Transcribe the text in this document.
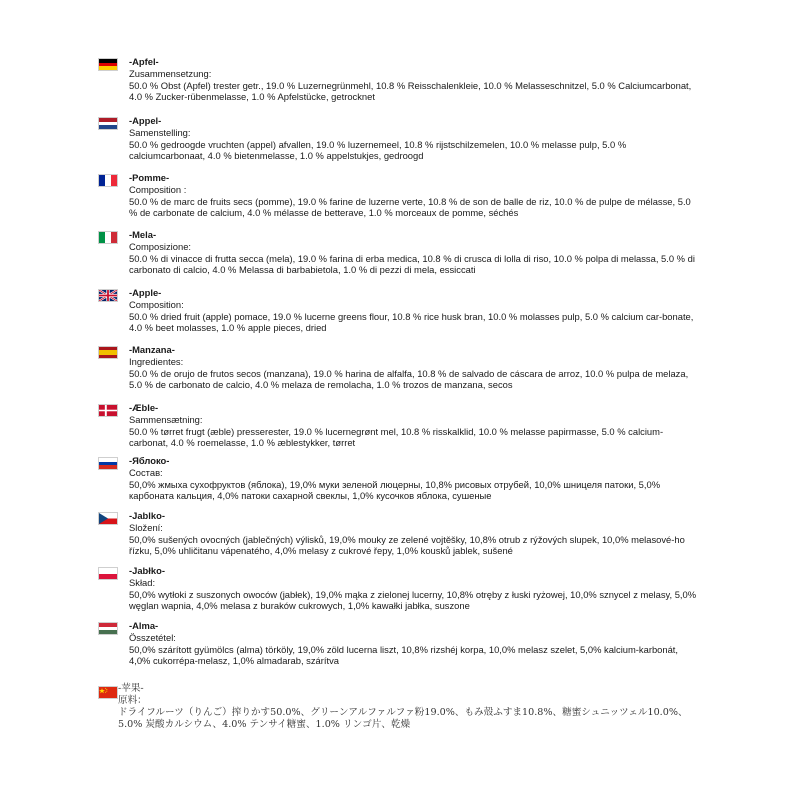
-Apfel-
Zusammensetzung:
50.0 % Obst (Apfel) trester getr., 19.0 % Luzernegrünmehl, 10.8 % Reisschalenkleie, 10.0 % Melasseschnitzel, 5.0 % Calciumcarbonat, 4.0 % Zucker-rübenmelasse, 1.0 % Apfelstücke, getrocknet
-Appel-
Samenstelling:
50.0 % gedroogde vruchten (appel) afvallen, 19.0 % luzernemeel, 10.8 % rijstschilzemelen, 10.0 % melasse pulp, 5.0 % calciumcarbonaat, 4.0 % bietenmelasse, 1.0 % appelstukjes, gedroogd
-Pomme-
Composition :
50.0 % de marc de fruits secs (pomme), 19.0 % farine de luzerne verte, 10.8 % de son de balle de riz, 10.0 % de pulpe de mélasse, 5.0 % de carbonate de calcium, 4.0 % mélasse de betterave, 1.0 % morceaux de pomme, séchés
-Mela-
Composizione:
50.0 % di vinacce di frutta secca (mela), 19.0 % farina di erba medica, 10.8 % di crusca di lolla di riso, 10.0 % polpa di melassa, 5.0 % di carbonato di calcio, 4.0 % Melassa di barbabietola, 1.0 % di pezzi di mela, essiccati
-Apple-
Composition:
50.0 % dried fruit (apple) pomace, 19.0 % lucerne greens flour, 10.8 % rice husk bran, 10.0 % molasses pulp, 5.0 % calcium car-bonate, 4.0 % beet molasses, 1.0 % apple pieces, dried
-Manzana-
Ingredientes:
50.0 % de orujo de frutos secos (manzana), 19.0 % harina de alfalfa, 10.8 % de salvado de cáscara de arroz, 10.0 % pulpa de melaza, 5.0 % de carbonato de calcio, 4.0 % melaza de remolacha, 1.0 % trozos de manzana, secos
-Æble-
Sammensætning:
50.0 % tørret frugt (æble) presserester, 19.0 % lucernegrønt mel, 10.8 % risskalklid, 10.0 % melasse papirmasse, 5.0 % calcium-carbonat, 4.0 % roemelasse, 1.0 % æblestykker, tørret
-Яблоко-
Состав:
50,0% жмыха сухофруктов (яблока), 19,0% муки зеленой люцерны, 10,8% рисовых отрубей, 10,0% шницеля патоки, 5,0% карбоната кальция, 4,0% патоки сахарной свеклы, 1,0% кусочков яблока, сушеные
-Jablko-
Složení:
50,0% sušených ovocných (jablečných) výlisků, 19,0% mouky ze zelené vojtěšky, 10,8% otrub z rýžových slupek, 10,0% melasové-ho řízku, 5,0% uhličitanu vápenatého, 4,0% melasy z cukrové řepy, 1,0% kousků jablek, sušené
-Jabłko-
Skład:
50,0% wytłoki z suszonych owoców (jabłek), 19,0% mąka z zielonej lucerny, 10,8% otręby z łuski ryżowej, 10,0% sznycel z melasy, 5,0% węglan wapnia, 4,0% melasa z buraków cukrowych, 1,0% kawałki jabłka, suszone
-Alma-
Összetétel:
50,0% szárított gyümölcs (alma) törköly, 19,0% zöld lucerna liszt, 10,8% rizshéj korpa, 10,0% melasz szelet, 5,0% kalcium-karbonát, 4,0% cukorrépa-melasz, 1,0% almadarab, szárítva
-苹果-
原料：
ドライフルーツ（りんご）搾りかす50.0%、グリーンアルファルファ粉19.0%、もみ殻ふすま10.8%、糖蜜シュニッツェル10.0%、5.0% 炭酸カルシウム、4.0% テンサイ糖蜜、1.0% リンゴ片、乾燥
